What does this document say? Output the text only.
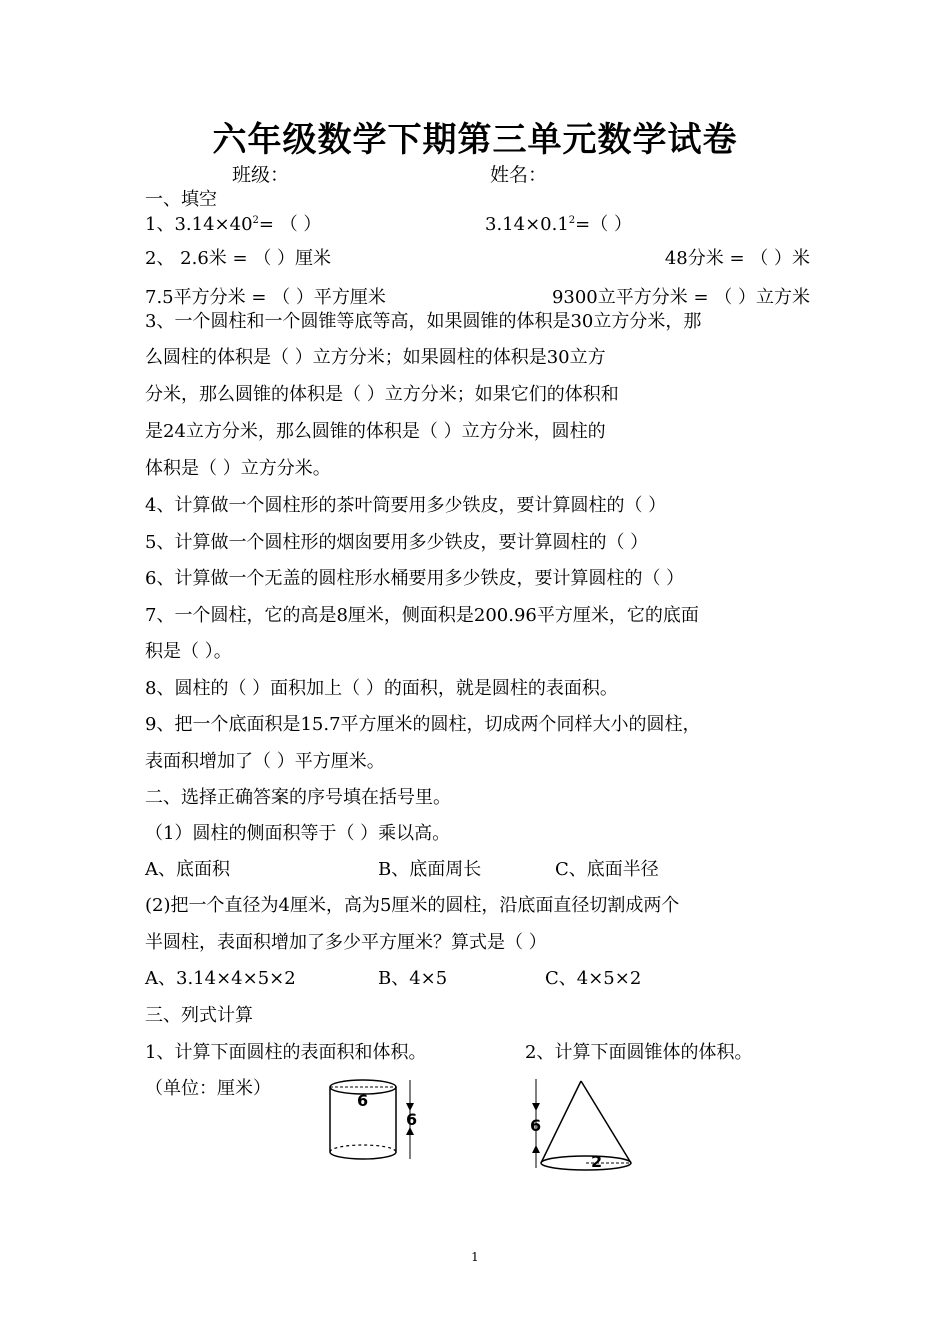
六年级数学下期第三单元数学试卷
班级：	姓名：
一、填空
1、$3.14\times 40^2=$ （ ）	$3.14\times 0.1^2=$（ ）
2、 2.6米 = （ ）厘米	48分米 = （ ）米
7.5平方分米 = （ ）平方厘米	9300立平方分米 = （ ）立方米
3、一个圆柱和一个圆锥等底等高，如果圆锥的体积是30立方分米，那
么圆柱的体积是（ ）立方分米；如果圆柱的体积是30立方
分米，那么圆锥的体积是（ ）立方分米；如果它们的体积和
是24立方分米，那么圆锥的体积是（ ）立方分米，圆柱的
体积是（ ）立方分米。
4、计算做一个圆柱形的茶叶筒要用多少铁皮，要计算圆柱的（ ）
5、计算做一个圆柱形的烟囱要用多少铁皮，要计算圆柱的（ ）
6、计算做一个无盖的圆柱形水桶要用多少铁皮，要计算圆柱的（ ）
7、一个圆柱，它的高是8厘米，侧面积是200.96平方厘米，它的底面
积是（ ）。
8、圆柱的（ ）面积加上（ ）的面积，就是圆柱的表面积。
9、把一个底面积是15.7平方厘米的圆柱，切成两个同样大小的圆柱，
表面积增加了（ ）平方厘米。
二、选择正确答案的序号填在括号里。
（1）圆柱的侧面积等于（ ）乘以高。
A、底面积	B、底面周长	C、底面半径
(2)把一个直径为4厘米，高为5厘米的圆柱，沿底面直径切割成两个
半圆柱，表面积增加了多少平方厘米？算式是（ ）
A、3.14×4×5×2	B、4×5	C、4×5×2
三、列式计算
1、计算下面圆柱的表面积和体积。	2、计算下面圆锥体的体积。
（单位：厘米）
6
6	6
2
1
